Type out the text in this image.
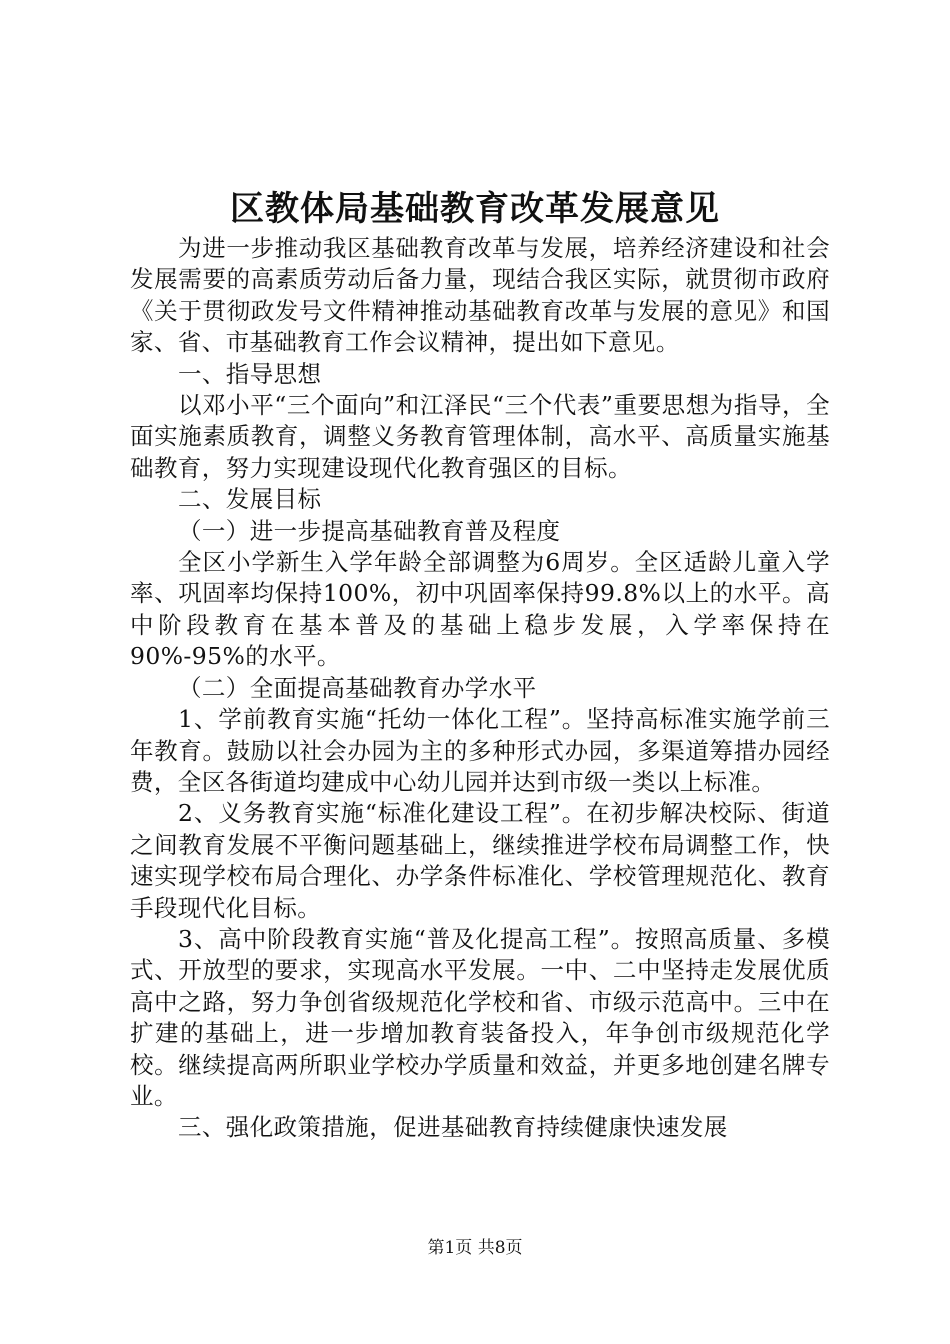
区教体局基础教育改革发展意见

为进一步推动我区基础教育改革与发展，培养经济建设和社会发展需要的高素质劳动后备力量，现结合我区实际，就贯彻市政府《关于贯彻政发号文件精神推动基础教育改革与发展的意见》和国家、省、市基础教育工作会议精神，提出如下意见。

一、指导思想

以邓小平“三个面向”和江泽民“三个代表”重要思想为指导，全面实施素质教育，调整义务教育管理体制，高水平、高质量实施基础教育，努力实现建设现代化教育强区的目标。

二、发展目标

（一）进一步提高基础教育普及程度

全区小学新生入学年龄全部调整为6周岁。全区适龄儿童入学率、巩固率均保持100%，初中巩固率保持99.8%以上的水平。高中阶段教育在基本普及的基础上稳步发展，入学率保持在90%-95%的水平。

（二）全面提高基础教育办学水平

1、学前教育实施“托幼一体化工程”。坚持高标准实施学前三年教育。鼓励以社会办园为主的多种形式办园，多渠道筹措办园经费，全区各街道均建成中心幼儿园并达到市级一类以上标准。

2、义务教育实施“标准化建设工程”。在初步解决校际、街道之间教育发展不平衡问题基础上，继续推进学校布局调整工作，快速实现学校布局合理化、办学条件标准化、学校管理规范化、教育手段现代化目标。

3、高中阶段教育实施“普及化提高工程”。按照高质量、多模式、开放型的要求，实现高水平发展。一中、二中坚持走发展优质高中之路，努力争创省级规范化学校和省、市级示范高中。三中在扩建的基础上，进一步增加教育装备投入，年争创市级规范化学校。继续提高两所职业学校办学质量和效益，并更多地创建名牌专业。

三、强化政策措施，促进基础教育持续健康快速发展

第1页 共8页
